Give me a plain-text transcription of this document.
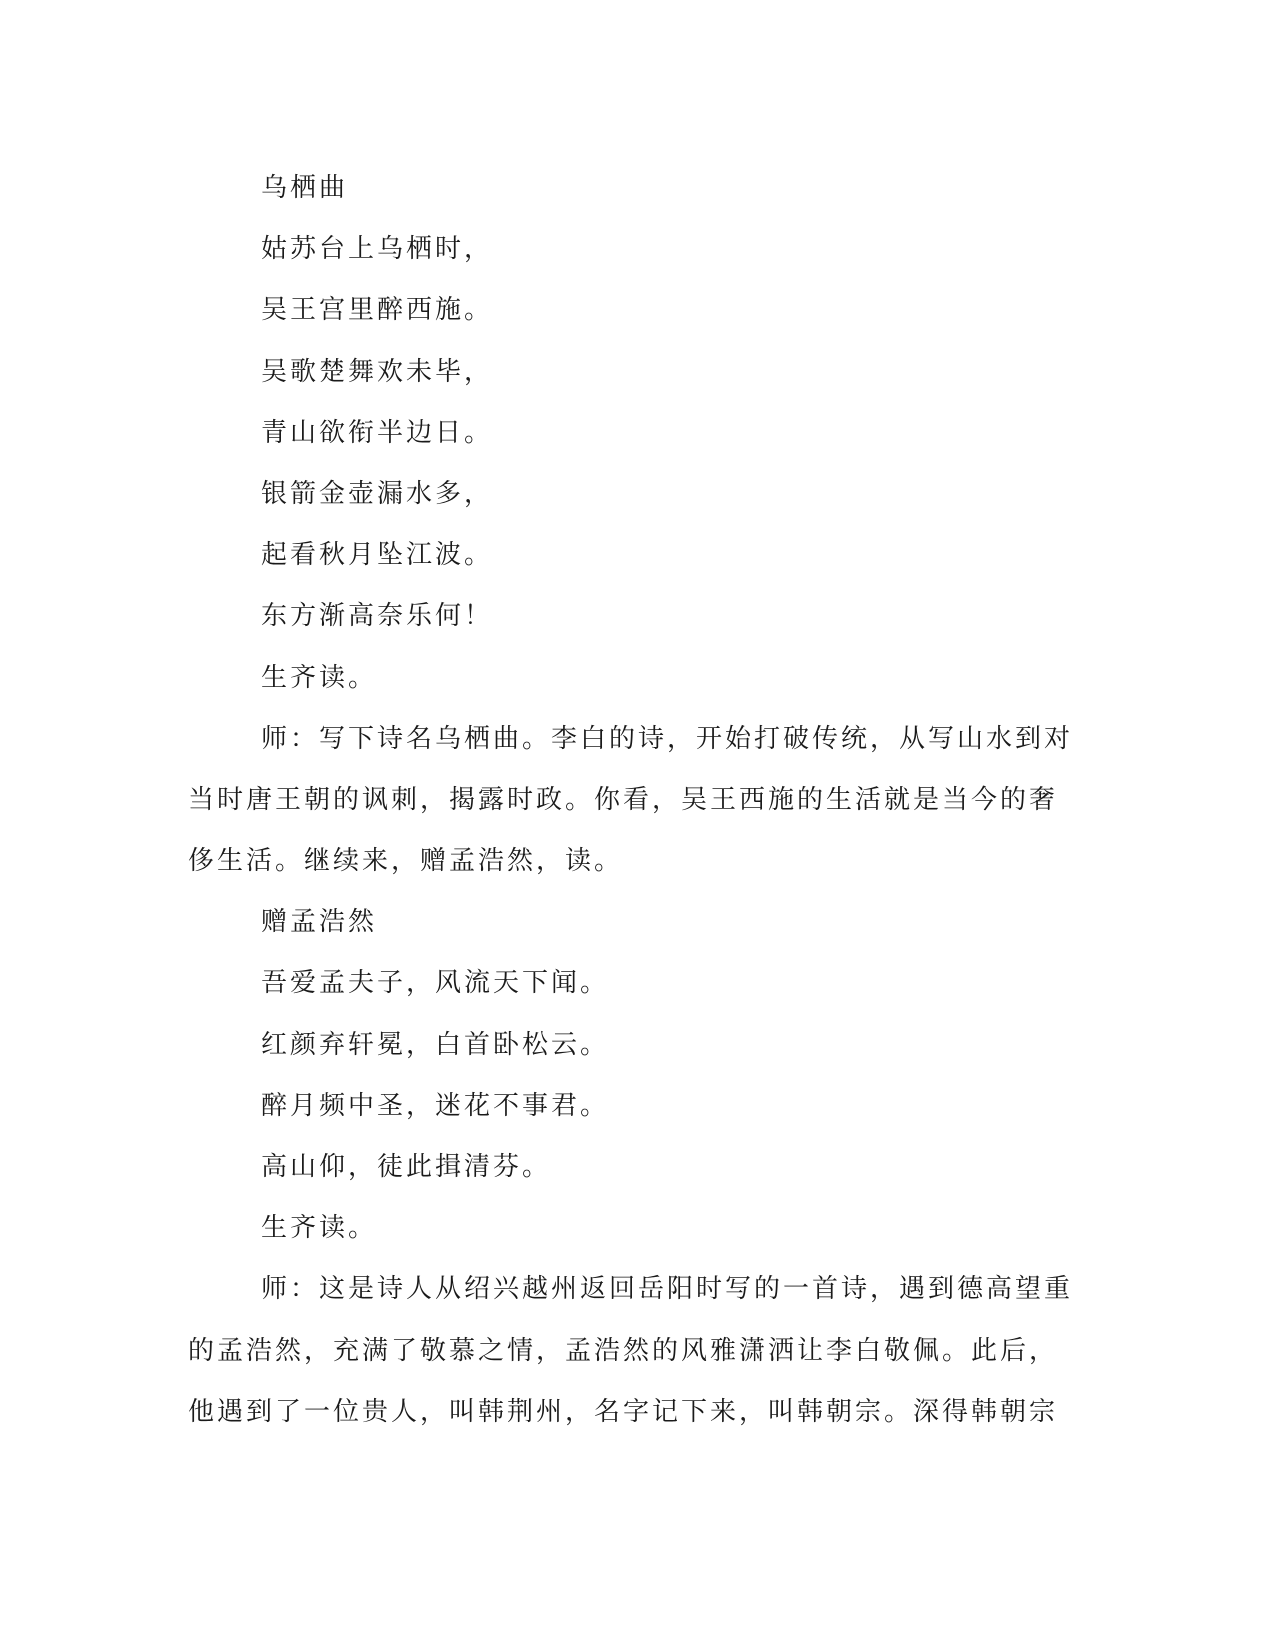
乌栖曲

姑苏台上乌栖时，

吴王宫里醉西施。

吴歌楚舞欢未毕，

青山欲衔半边日。

银箭金壶漏水多，

起看秋月坠江波。

东方渐高奈乐何！

生齐读。

师：写下诗名乌栖曲。李白的诗，开始打破传统，从写山水到对

当时唐王朝的讽刺，揭露时政。你看，吴王西施的生活就是当今的奢

侈生活。继续来，赠孟浩然，读。

赠孟浩然

吾爱孟夫子，风流天下闻。

红颜弃轩冕，白首卧松云。

醉月频中圣，迷花不事君。

高山仰，徒此揖清芬。

生齐读。

师：这是诗人从绍兴越州返回岳阳时写的一首诗，遇到德高望重

的孟浩然，充满了敬慕之情，孟浩然的风雅潇洒让李白敬佩。此后，

他遇到了一位贵人，叫韩荆州，名字记下来，叫韩朝宗。深得韩朝宗
